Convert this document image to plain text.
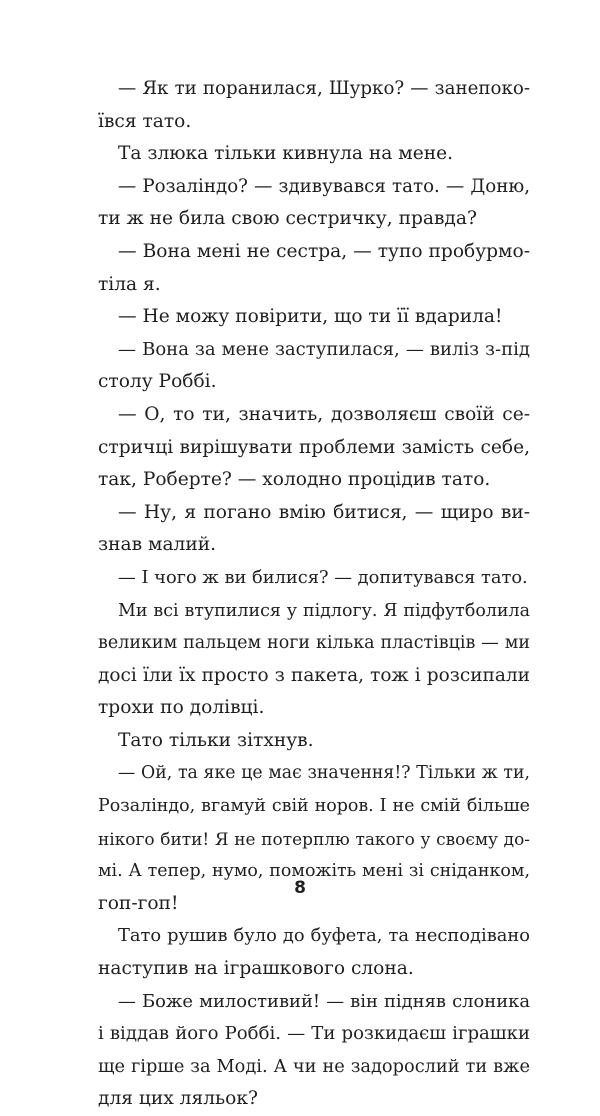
— Як ти поранилася, Шурко? — занепоко-
ївся тато.
Та злюка тільки кивнула на мене.
— Розаліндо? — здивувався тато. — Доню,
ти ж не била свою сестричку, правда?
— Вона мені не сестра, — тупо пробурмо-
тіла я.
— Не можу повірити, що ти її вдарила!
— Вона за мене заступилася, — виліз з-під
столу Роббі.
— О, то ти, значить, дозволяєш своїй се-
стричці вирішувати проблеми замість себе,
так, Роберте? — холодно процідив тато.
— Ну, я погано вмію битися, — щиро ви-
знав малий.
— І чого ж ви билися? — допитувався тато.
Ми всі втупилися у підлогу. Я підфутболила
великим пальцем ноги кілька пластівців — ми
досі їли їх просто з пакета, тож і розсипали
трохи по долівці.
Тато тільки зітхнув.
— Ой, та яке це має значення!? Тільки ж ти,
Розаліндо, вгамуй свій норов. І не смій більше
нікого бити! Я не потерплю такого у своєму до-
мі. А тепер, нумо, поможіть мені зі сніданком,
гоп-гоп!
Тато рушив було до буфета, та несподівано
наступив на іграшкового слона.
— Боже милостивий! — він підняв слоника
і віддав його Роббі. — Ти розкидаєш іграшки
ще гірше за Моді. А чи не задорослий ти вже
для цих ляльок?
8
